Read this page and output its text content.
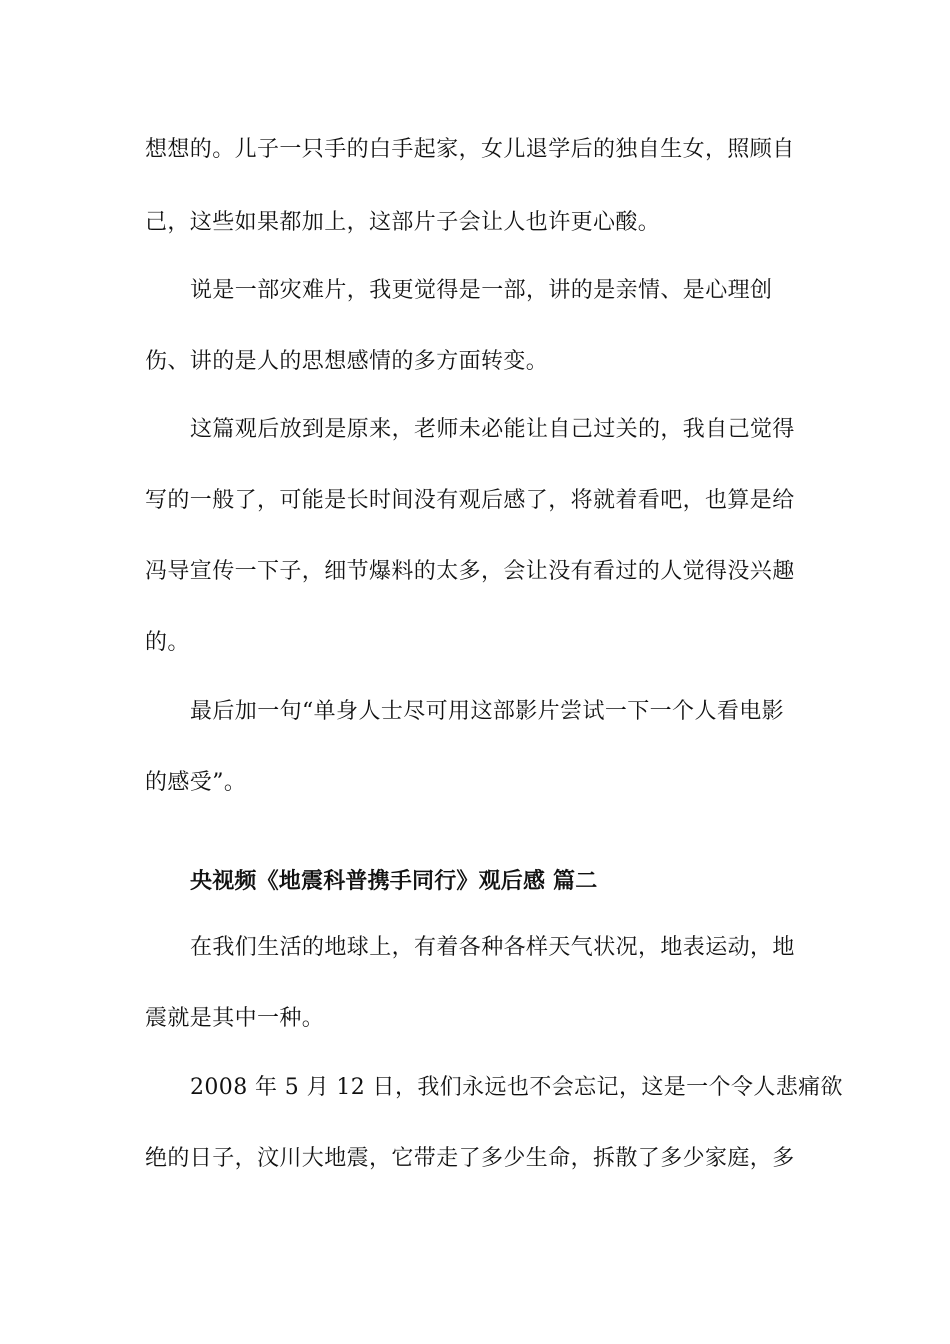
想想的。儿子一只手的白手起家，女儿退学后的独自生女，照顾自
己，这些如果都加上，这部片子会让人也许更心酸。
说是一部灾难片，我更觉得是一部，讲的是亲情、是心理创
伤、讲的是人的思想感情的多方面转变。
这篇观后放到是原来，老师未必能让自己过关的，我自己觉得
写的一般了，可能是长时间没有观后感了，将就着看吧，也算是给
冯导宣传一下子，细节爆料的太多，会让没有看过的人觉得没兴趣
的。
最后加一句“单身人士尽可用这部影片尝试一下一个人看电影
的感受”。
央视频《地震科普携手同行》观后感 篇二
在我们生活的地球上，有着各种各样天气状况，地表运动，地
震就是其中一种。
2008 年 5 月 12 日，我们永远也不会忘记，这是一个令人悲痛欲
绝的日子，汶川大地震，它带走了多少生命，拆散了多少家庭，多
